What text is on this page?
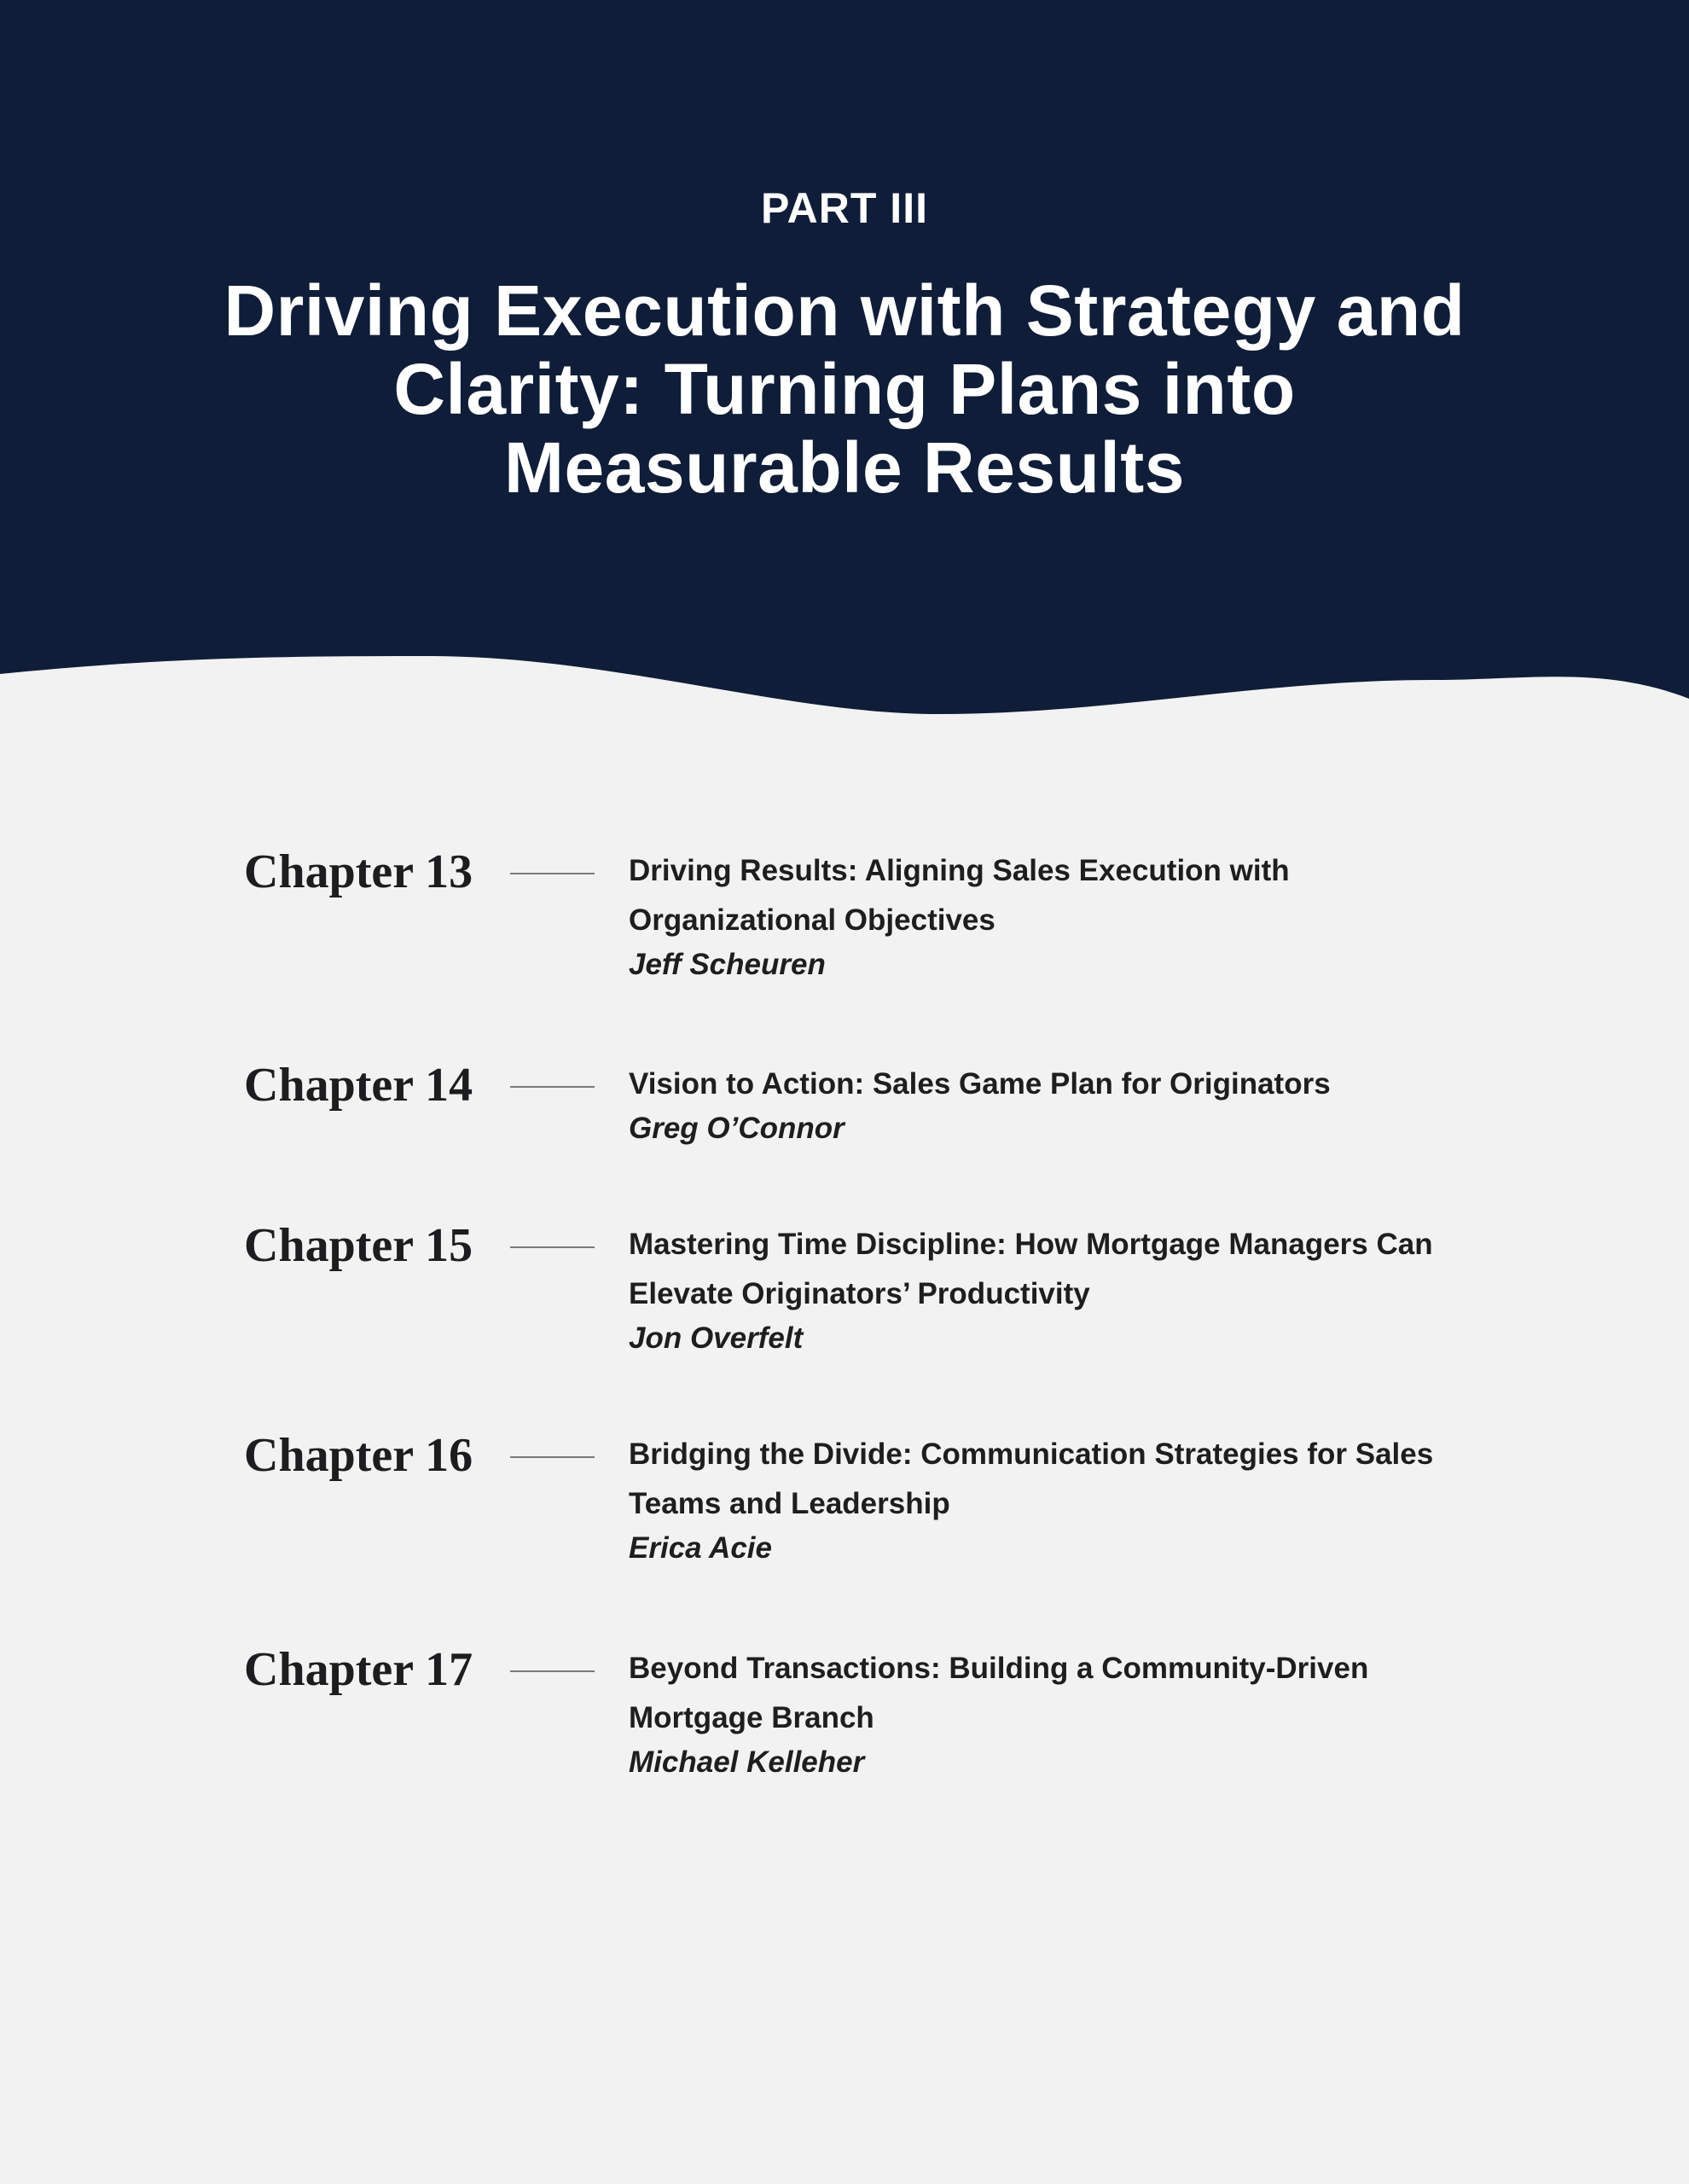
PART III
Driving Execution with Strategy and Clarity: Turning Plans into Measurable Results
Chapter 13	Driving Results: Aligning Sales Execution with Organizational Objectives
Jeff Scheuren
Chapter 14	Vision to Action: Sales Game Plan for Originators
Greg O’Connor
Chapter 15	Mastering Time Discipline: How Mortgage Managers Can Elevate Originators’ Productivity
Jon Overfelt
Chapter 16	Bridging the Divide: Communication Strategies for Sales Teams and Leadership
Erica Acie
Chapter 17	Beyond Transactions: Building a Community-Driven Mortgage Branch
Michael Kelleher
